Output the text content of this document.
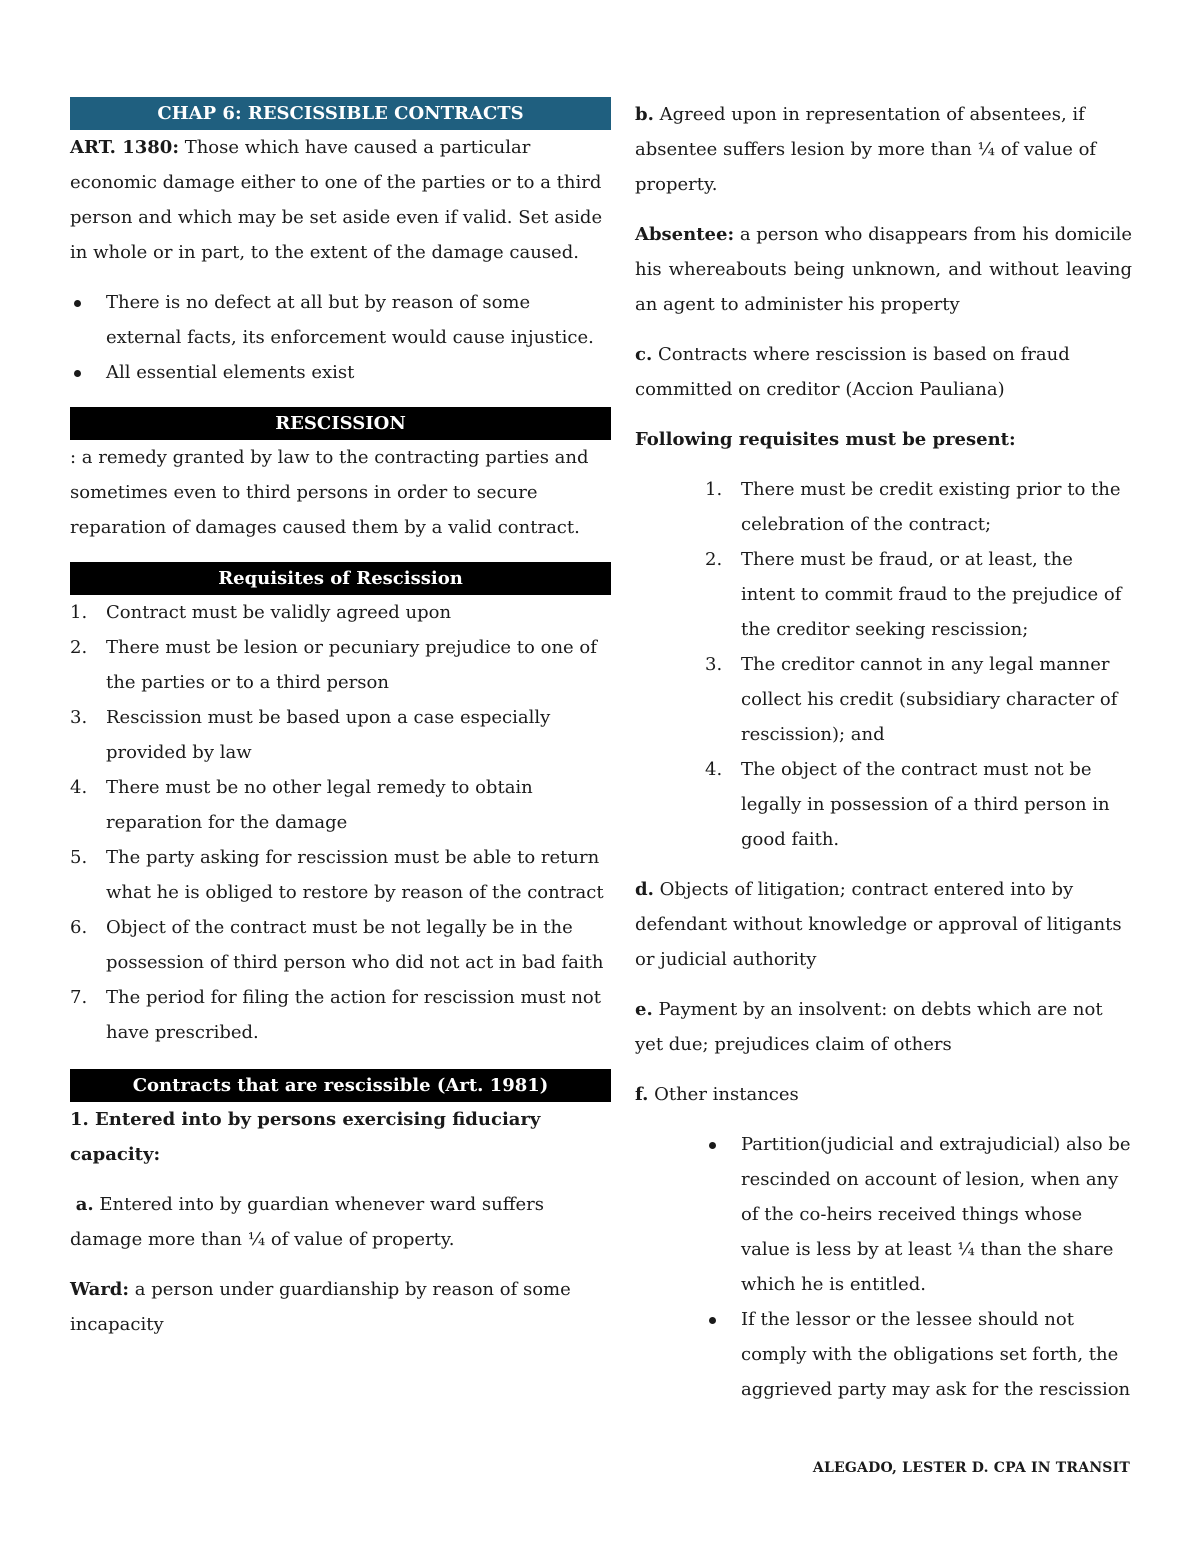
CHAP 6: RESCISSIBLE CONTRACTS

ART. 1380: Those which have caused a particular economic damage either to one of the parties or to a third person and which may be set aside even if valid. Set aside in whole or in part, to the extent of the damage caused.

There is no defect at all but by reason of some external facts, its enforcement would cause injustice.
All essential elements exist
RESCISSION

: a remedy granted by law to the contracting parties and sometimes even to third persons in order to secure reparation of damages caused them by a valid contract.

Requisites of Rescission
1. Contract must be validly agreed upon
2. There must be lesion or pecuniary prejudice to one of the parties or to a third person
3. Rescission must be based upon a case especially provided by law
4. There must be no other legal remedy to obtain reparation for the damage
5. The party asking for rescission must be able to return what he is obliged to restore by reason of the contract
6. Object of the contract must be not legally be in the possession of third person who did not act in bad faith
7. The period for filing the action for rescission must not have prescribed.
Contracts that are rescissible (Art. 1981)

1. Entered into by persons exercising fiduciary capacity:

a. Entered into by guardian whenever ward suffers damage more than ¼ of value of property.

Ward: a person under guardianship by reason of some incapacity

b. Agreed upon in representation of absentees, if absentee suffers lesion by more than ¼ of value of property.

Absentee: a person who disappears from his domicile his whereabouts being unknown, and without leaving an agent to administer his property

c. Contracts where rescission is based on fraud committed on creditor (Accion Pauliana)

Following requisites must be present:

1. There must be credit existing prior to the celebration of the contract;
2. There must be fraud, or at least, the intent to commit fraud to the prejudice of the creditor seeking rescission;
3. The creditor cannot in any legal manner collect his credit (subsidiary character of rescission); and
4. The object of the contract must not be legally in possession of a third person in good faith.

d. Objects of litigation; contract entered into by defendant without knowledge or approval of litigants or judicial authority

e. Payment by an insolvent: on debts which are not yet due; prejudices claim of others

f. Other instances

Partition(judicial and extrajudicial) also be rescinded on account of lesion, when any of the co-heirs received things whose value is less by at least ¼ than the share which he is entitled.
If the lessor or the lessee should not comply with the obligations set forth, the aggrieved party may ask for the rescission
ALEGADO, LESTER D. CPA IN TRANSIT
